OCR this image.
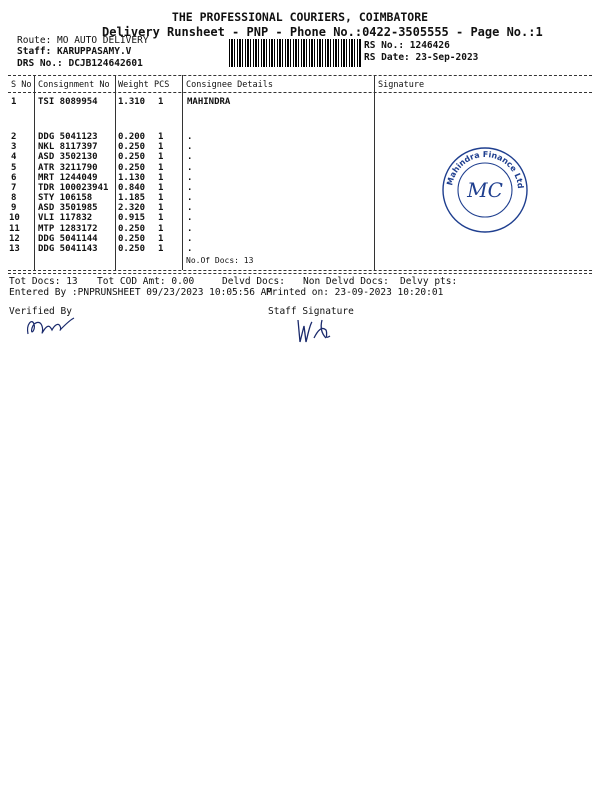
THE PROFESSIONAL COURIERS, COIMBATORE
Delivery Runsheet - PNP - Phone No.:0422-3505555 - Page No.:1
Route: MO AUTO DELIVERY
Staff: KARUPPASAMY.V
DRS No.: DCJB124642601
RS No.: 1246426
RS Date: 23-Sep-2023
S No Consignment No Weight PCS Consignee Details	Signature
1 TSI 8089954 1.310 1	MAHINDRA
2 DDG 5041123 0.200 1	.
3 NKL 8117397 0.250 1	.
4 ASD 3502130 0.250 1	.
5 ATR 3211790 0.250 1	.
6 MRT 1244049 1.130 1	.
7 TDR 100023941 0.840 1	.
8 STY 106158	1.185 1	.
9 ASD 3501985 2.320 1	.
10 VLI 117832	0.915 1	.
11 MTP 1283172 0.250 1	.
12 DDG 5041144 0.250 1	.
13 DDG 5041143 0.250 1	.
No.Of Docs: 13
Mahindra Finance Ltd
MC
Tot Docs: 13 Tot COD Amt: 0.00	Delvd Docs: Non Delvd Docs: Delvy pts:
Entered By :PNPRUNSHEET 09/23/2023 10:05:56 AM
Printed on: 23-09-2023 10:20:01
Verified By	Staff Signature
